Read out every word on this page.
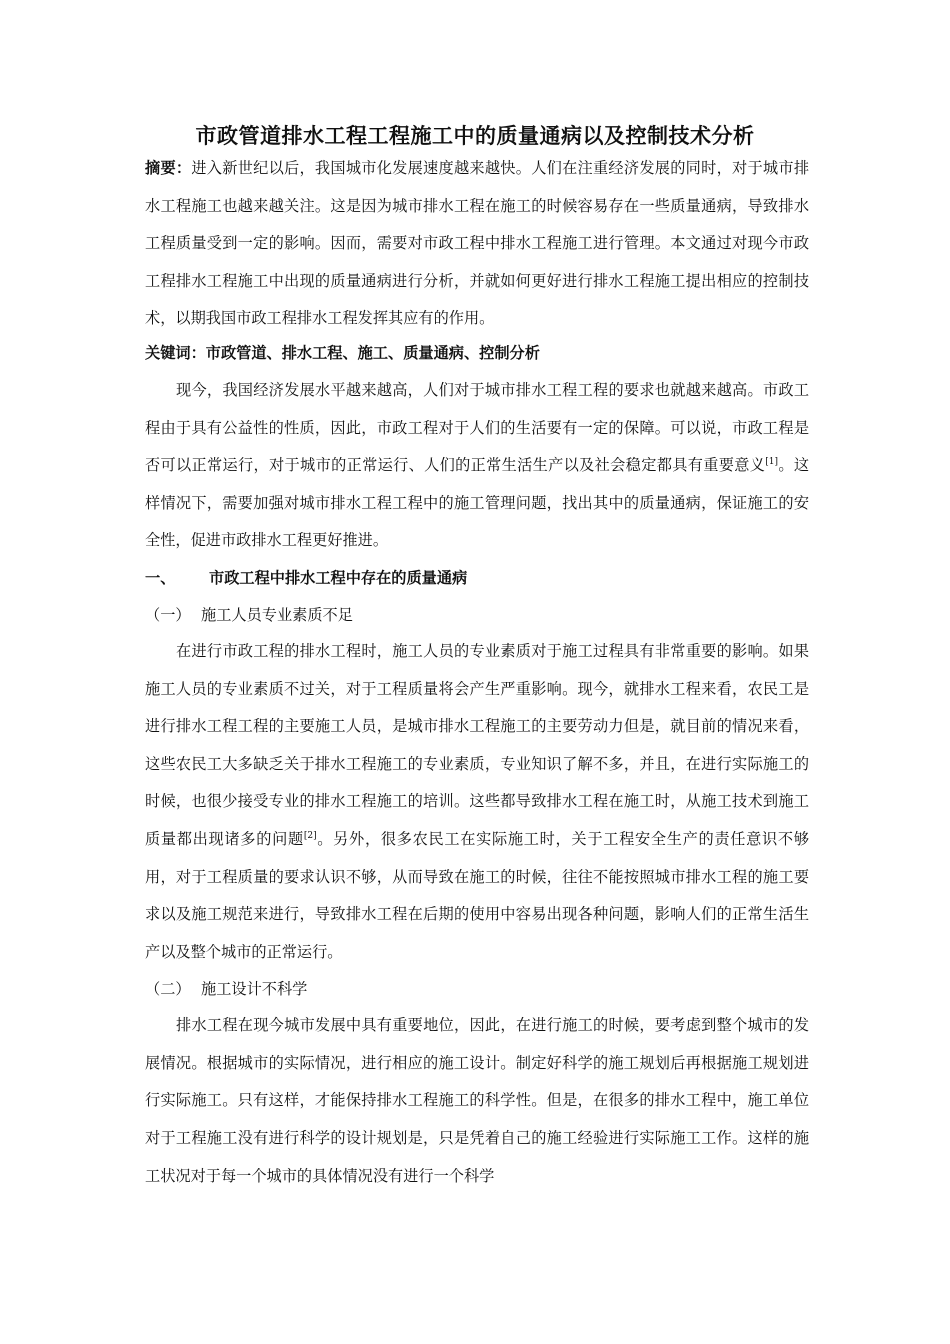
市政管道排水工程工程施工中的质量通病以及控制技术分析

摘要：进入新世纪以后，我国城市化发展速度越来越快。人们在注重经济发展的同时，对于城市排水工程施工也越来越关注。这是因为城市排水工程在施工的时候容易存在一些质量通病，导致排水工程质量受到一定的影响。因而，需要对市政工程中排水工程施工进行管理。本文通过对现今市政工程排水工程施工中出现的质量通病进行分析，并就如何更好进行排水工程施工提出相应的控制技术，以期我国市政工程排水工程发挥其应有的作用。

关键词：市政管道、排水工程、施工、质量通病、控制分析

现今，我国经济发展水平越来越高，人们对于城市排水工程工程的要求也就越来越高。市政工程由于具有公益性的性质，因此，市政工程对于人们的生活要有一定的保障。可以说，市政工程是否可以正常运行，对于城市的正常运行、人们的正常生活生产以及社会稳定都具有重要意义[1]。这样情况下，需要加强对城市排水工程工程中的施工管理问题，找出其中的质量通病，保证施工的安全性，促进市政排水工程更好推进。

一、 市政工程中排水工程中存在的质量通病

（一） 施工人员专业素质不足

在进行市政工程的排水工程时，施工人员的专业素质对于施工过程具有非常重要的影响。如果施工人员的专业素质不过关，对于工程质量将会产生严重影响。现今，就排水工程来看，农民工是进行排水工程工程的主要施工人员，是城市排水工程施工的主要劳动力但是，就目前的情况来看，这些农民工大多缺乏关于排水工程施工的专业素质，专业知识了解不多，并且，在进行实际施工的时候，也很少接受专业的排水工程施工的培训。这些都导致排水工程在施工时，从施工技术到施工质量都出现诸多的问题[2]。另外，很多农民工在实际施工时，关于工程安全生产的责任意识不够用，对于工程质量的要求认识不够，从而导致在施工的时候，往往不能按照城市排水工程的施工要求以及施工规范来进行，导致排水工程在后期的使用中容易出现各种问题，影响人们的正常生活生产以及整个城市的正常运行。

（二） 施工设计不科学

排水工程在现今城市发展中具有重要地位，因此，在进行施工的时候，要考虑到整个城市的发展情况。根据城市的实际情况，进行相应的施工设计。制定好科学的施工规划后再根据施工规划进行实际施工。只有这样，才能保持排水工程施工的科学性。但是，在很多的排水工程中，施工单位对于工程施工没有进行科学的设计规划是，只是凭着自己的施工经验进行实际施工工作。这样的施工状况对于每一个城市的具体情况没有进行一个科学
